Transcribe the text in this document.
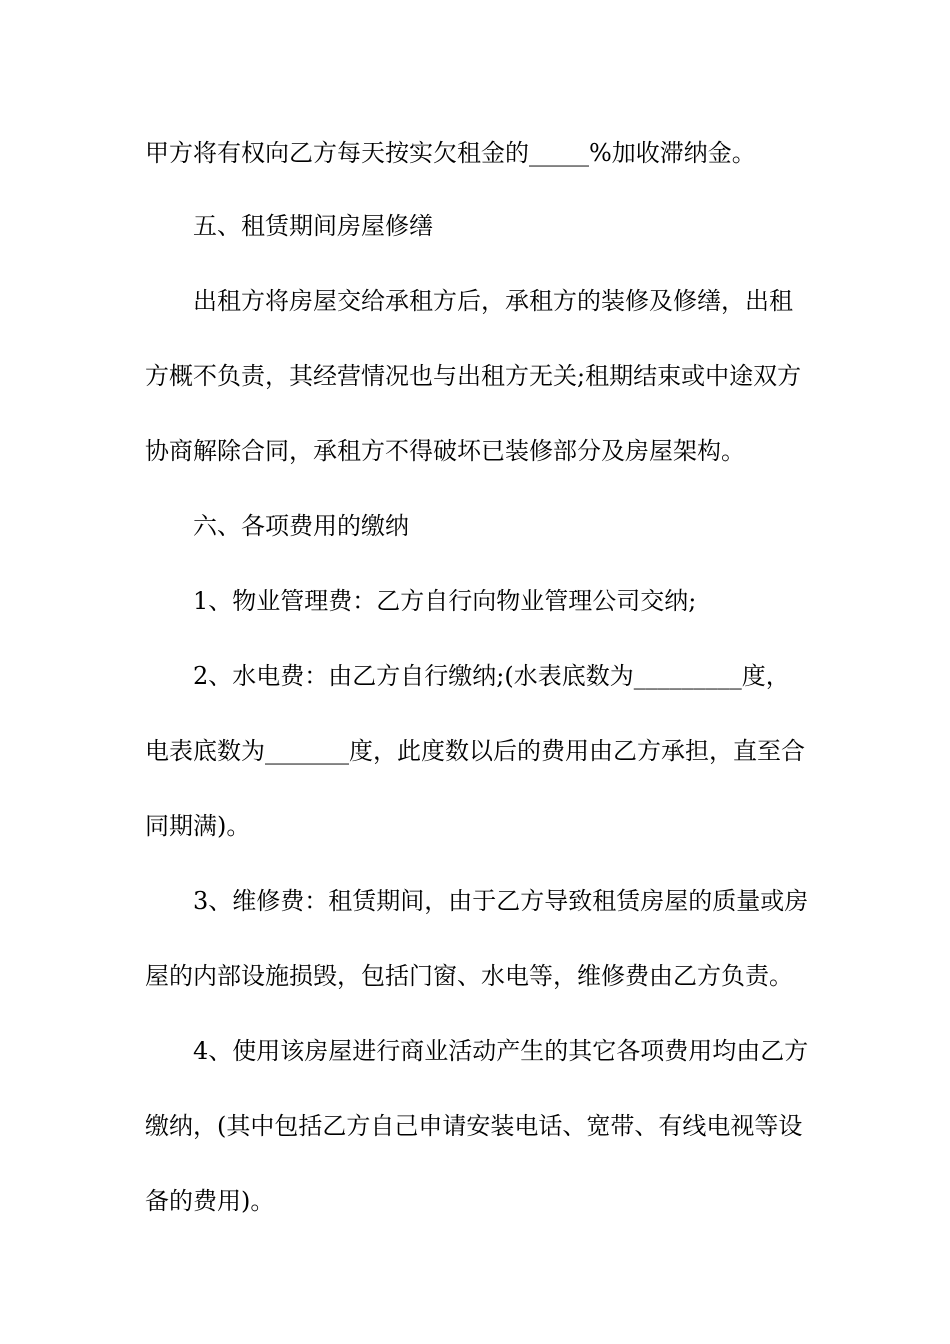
甲方将有权向乙方每天按实欠租金的_____%加收滞纳金。
五、租赁期间房屋修缮
出租方将房屋交给承租方后，承租方的装修及修缮，出租
方概不负责，其经营情况也与出租方无关;租期结束或中途双方
协商解除合同，承租方不得破坏已装修部分及房屋架构。
六、各项费用的缴纳
1、物业管理费：乙方自行向物业管理公司交纳;
2、水电费：由乙方自行缴纳;(水表底数为_________度，
电表底数为_______度，此度数以后的费用由乙方承担，直至合
同期满)。
3、维修费：租赁期间，由于乙方导致租赁房屋的质量或房
屋的内部设施损毁，包括门窗、水电等，维修费由乙方负责。
4、使用该房屋进行商业活动产生的其它各项费用均由乙方
缴纳，(其中包括乙方自己申请安装电话、宽带、有线电视等设
备的费用)。
